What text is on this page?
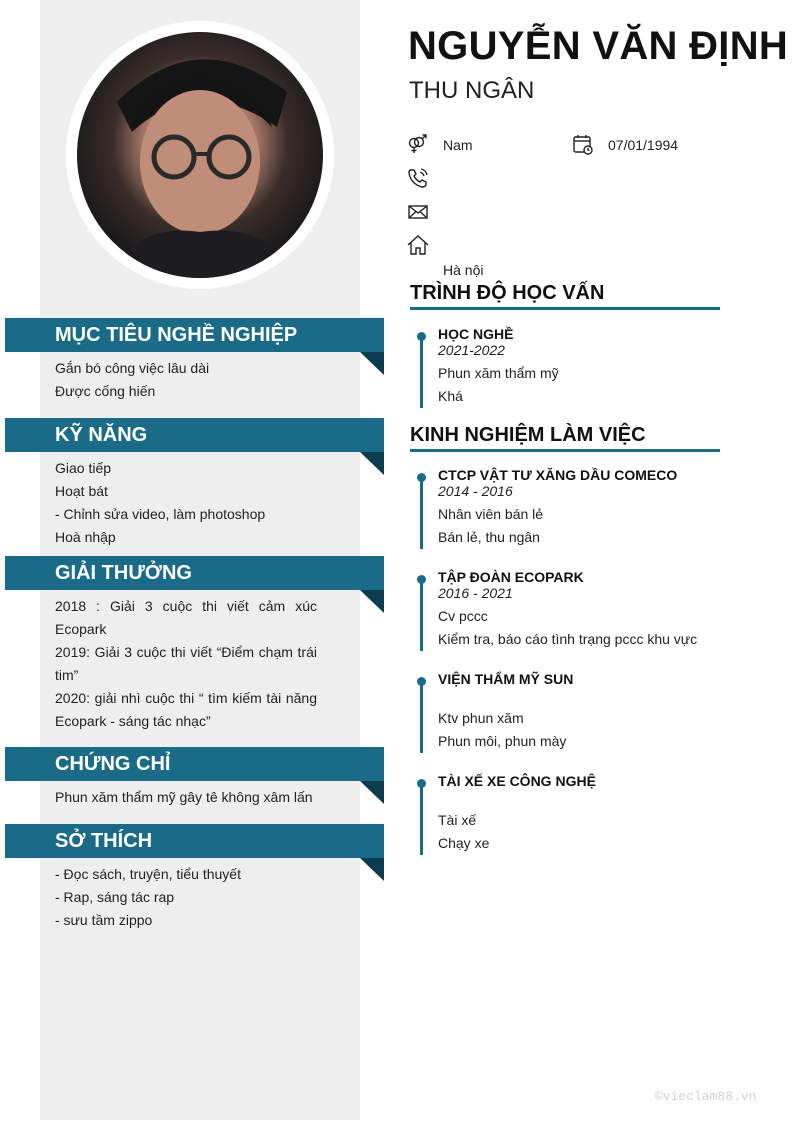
MỤC TIÊU NGHỀ NGHIỆP
Gắn bó công việc lâu dài
Được cống hiến
KỸ NĂNG
Giao tiếp
Hoạt bát
- Chỉnh sửa video, làm photoshop
Hoà nhập
GIẢI THƯỞNG
2018 : Giải 3 cuộc thi viết cảm xúc Ecopark
2019: Giải 3 cuộc thi viết “Điểm chạm trái tim”
2020: giải nhì cuộc thi “ tìm kiếm tài năng Ecopark - sáng tác nhạc”
CHỨNG CHỈ
Phun xăm thẩm mỹ gây tê không xâm lấn
SỞ THÍCH
- Đọc sách, truyện, tiểu thuyết
- Rap, sáng tác rap
- sưu tầm zippo
NGUYỄN VĂN ĐỊNH
THU NGÂN
Nam	07/01/1994
Hà nội
TRÌNH ĐỘ HỌC VẤN
KINH NGHIỆM LÀM VIỆC
HỌC NGHỀ
2021-2022
Phun xăm thẩm mỹ
Khá
CTCP VẬT TƯ XĂNG DẦU COMECO
2014 - 2016
Nhân viên bán lẻ
Bán lẻ, thu ngân
TẬP ĐOÀN ECOPARK
2016 - 2021
Cv pccc
Kiểm tra, báo cáo tình trạng pccc khu vực
VIỆN THẨM MỸ SUN
Ktv phun xăm
Phun môi, phun mày
TÀI XẾ XE CÔNG NGHỆ
Tài xế
Chạy xe
©vieclam88.vn
